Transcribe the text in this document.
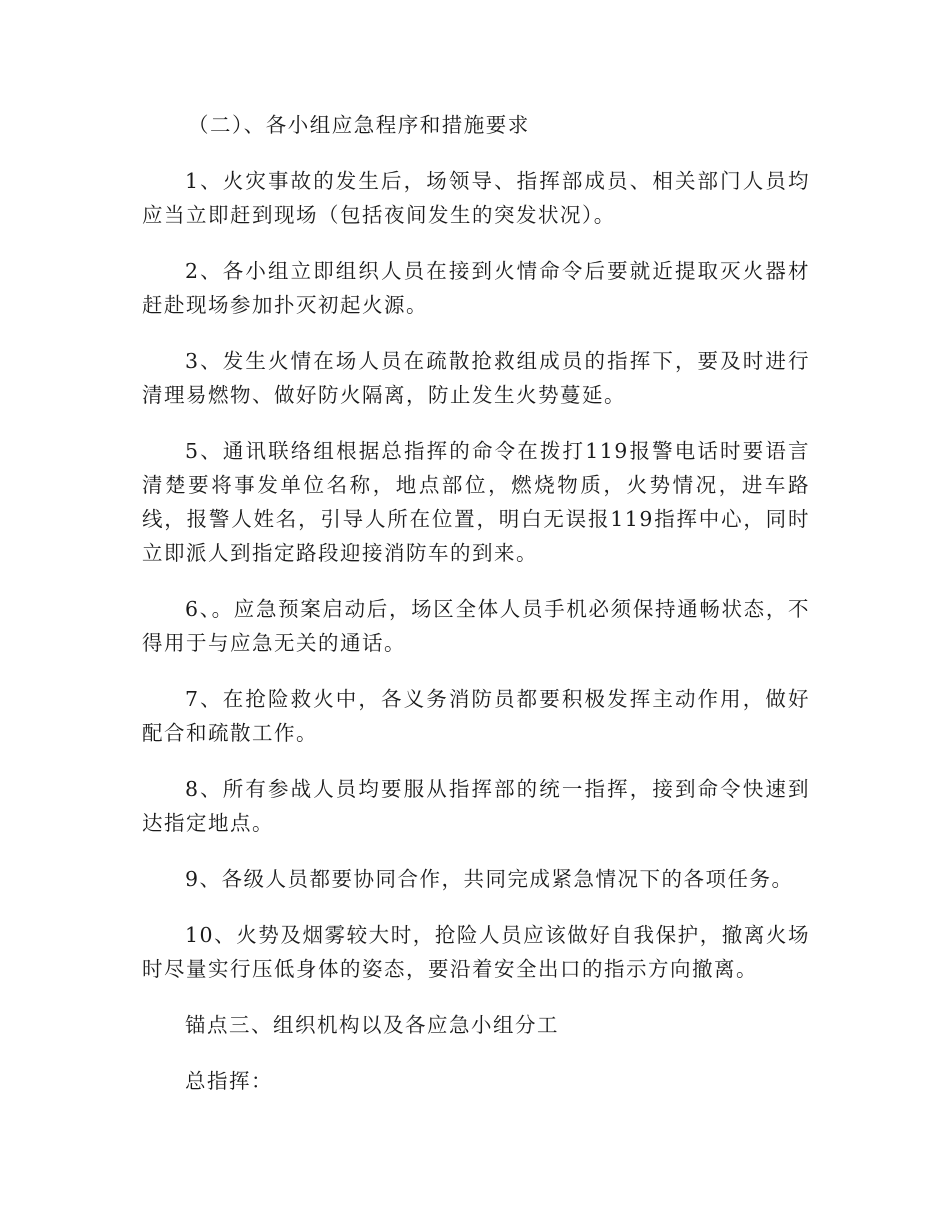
（二）、各小组应急程序和措施要求

1、火灾事故的发生后，场领导、指挥部成员、相关部门人员均应当立即赶到现场（包括夜间发生的突发状况）。

2、各小组立即组织人员在接到火情命令后要就近提取灭火器材赶赴现场参加扑灭初起火源。

3、发生火情在场人员在疏散抢救组成员的指挥下，要及时进行清理易燃物、做好防火隔离，防止发生火势蔓延。

5、通讯联络组根据总指挥的命令在拨打119报警电话时要语言清楚要将事发单位名称，地点部位，燃烧物质，火势情况，进车路线，报警人姓名，引导人所在位置，明白无误报119指挥中心，同时立即派人到指定路段迎接消防车的到来。

6、。应急预案启动后，场区全体人员手机必须保持通畅状态，不得用于与应急无关的通话。

7、在抢险救火中，各义务消防员都要积极发挥主动作用，做好配合和疏散工作。

8、所有参战人员均要服从指挥部的统一指挥，接到命令快速到达指定地点。

9、各级人员都要协同合作，共同完成紧急情况下的各项任务。

10、火势及烟雾较大时，抢险人员应该做好自我保护，撤离火场时尽量实行压低身体的姿态，要沿着安全出口的指示方向撤离。

锚点三、组织机构以及各应急小组分工

总指挥：
